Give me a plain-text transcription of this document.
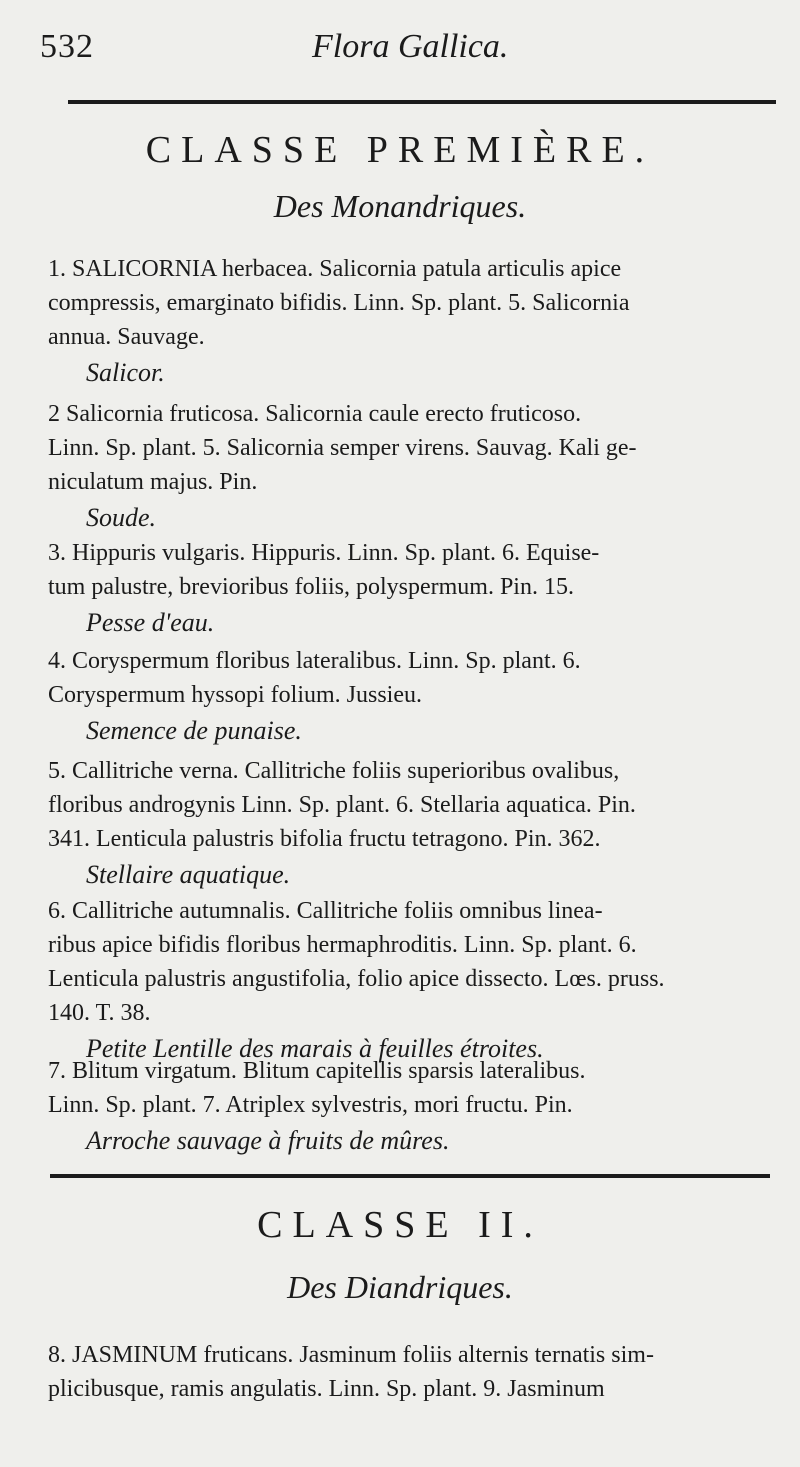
532	Flora Gallica.
CLASSE PREMIÈRE.
Des Monandriques.
1. SALICORNIA herbacea. Salicornia patula articulis apice
compressis, emarginato bifidis. Linn. Sp. plant. 5. Salicornia
annua. Sauvage.
Salicor.
2 Salicornia fruticosa. Salicornia caule erecto fruticoso.
Linn. Sp. plant. 5. Salicornia semper virens. Sauvag. Kali ge-
niculatum majus. Pin.
Soude.
3. Hippuris vulgaris. Hippuris. Linn. Sp. plant. 6. Equise-
tum palustre, brevioribus foliis, polyspermum. Pin. 15.
Pesse d'eau.
4. Coryspermum floribus lateralibus. Linn. Sp. plant. 6.
Coryspermum hyssopi folium. Jussieu.
Semence de punaise.
5. Callitriche verna. Callitriche foliis superioribus ovalibus,
floribus androgynis Linn. Sp. plant. 6. Stellaria aquatica. Pin.
341. Lenticula palustris bifolia fructu tetragono. Pin. 362.
Stellaire aquatique.
6. Callitriche autumnalis. Callitriche foliis omnibus linea-
ribus apice bifidis floribus hermaphroditis. Linn. Sp. plant. 6.
Lenticula palustris angustifolia, folio apice dissecto. Lœs. pruss.
140. T. 38.
Petite Lentille des marais à feuilles étroites.
7. Blitum virgatum. Blitum capitellis sparsis lateralibus.
Linn. Sp. plant. 7. Atriplex sylvestris, mori fructu. Pin.
Arroche sauvage à fruits de mûres.
CLASSE II.
Des Diandriques.
8. JASMINUM fruticans. Jasminum foliis alternis ternatis sim-
plicibusque, ramis angulatis. Linn. Sp. plant. 9. Jasminum
